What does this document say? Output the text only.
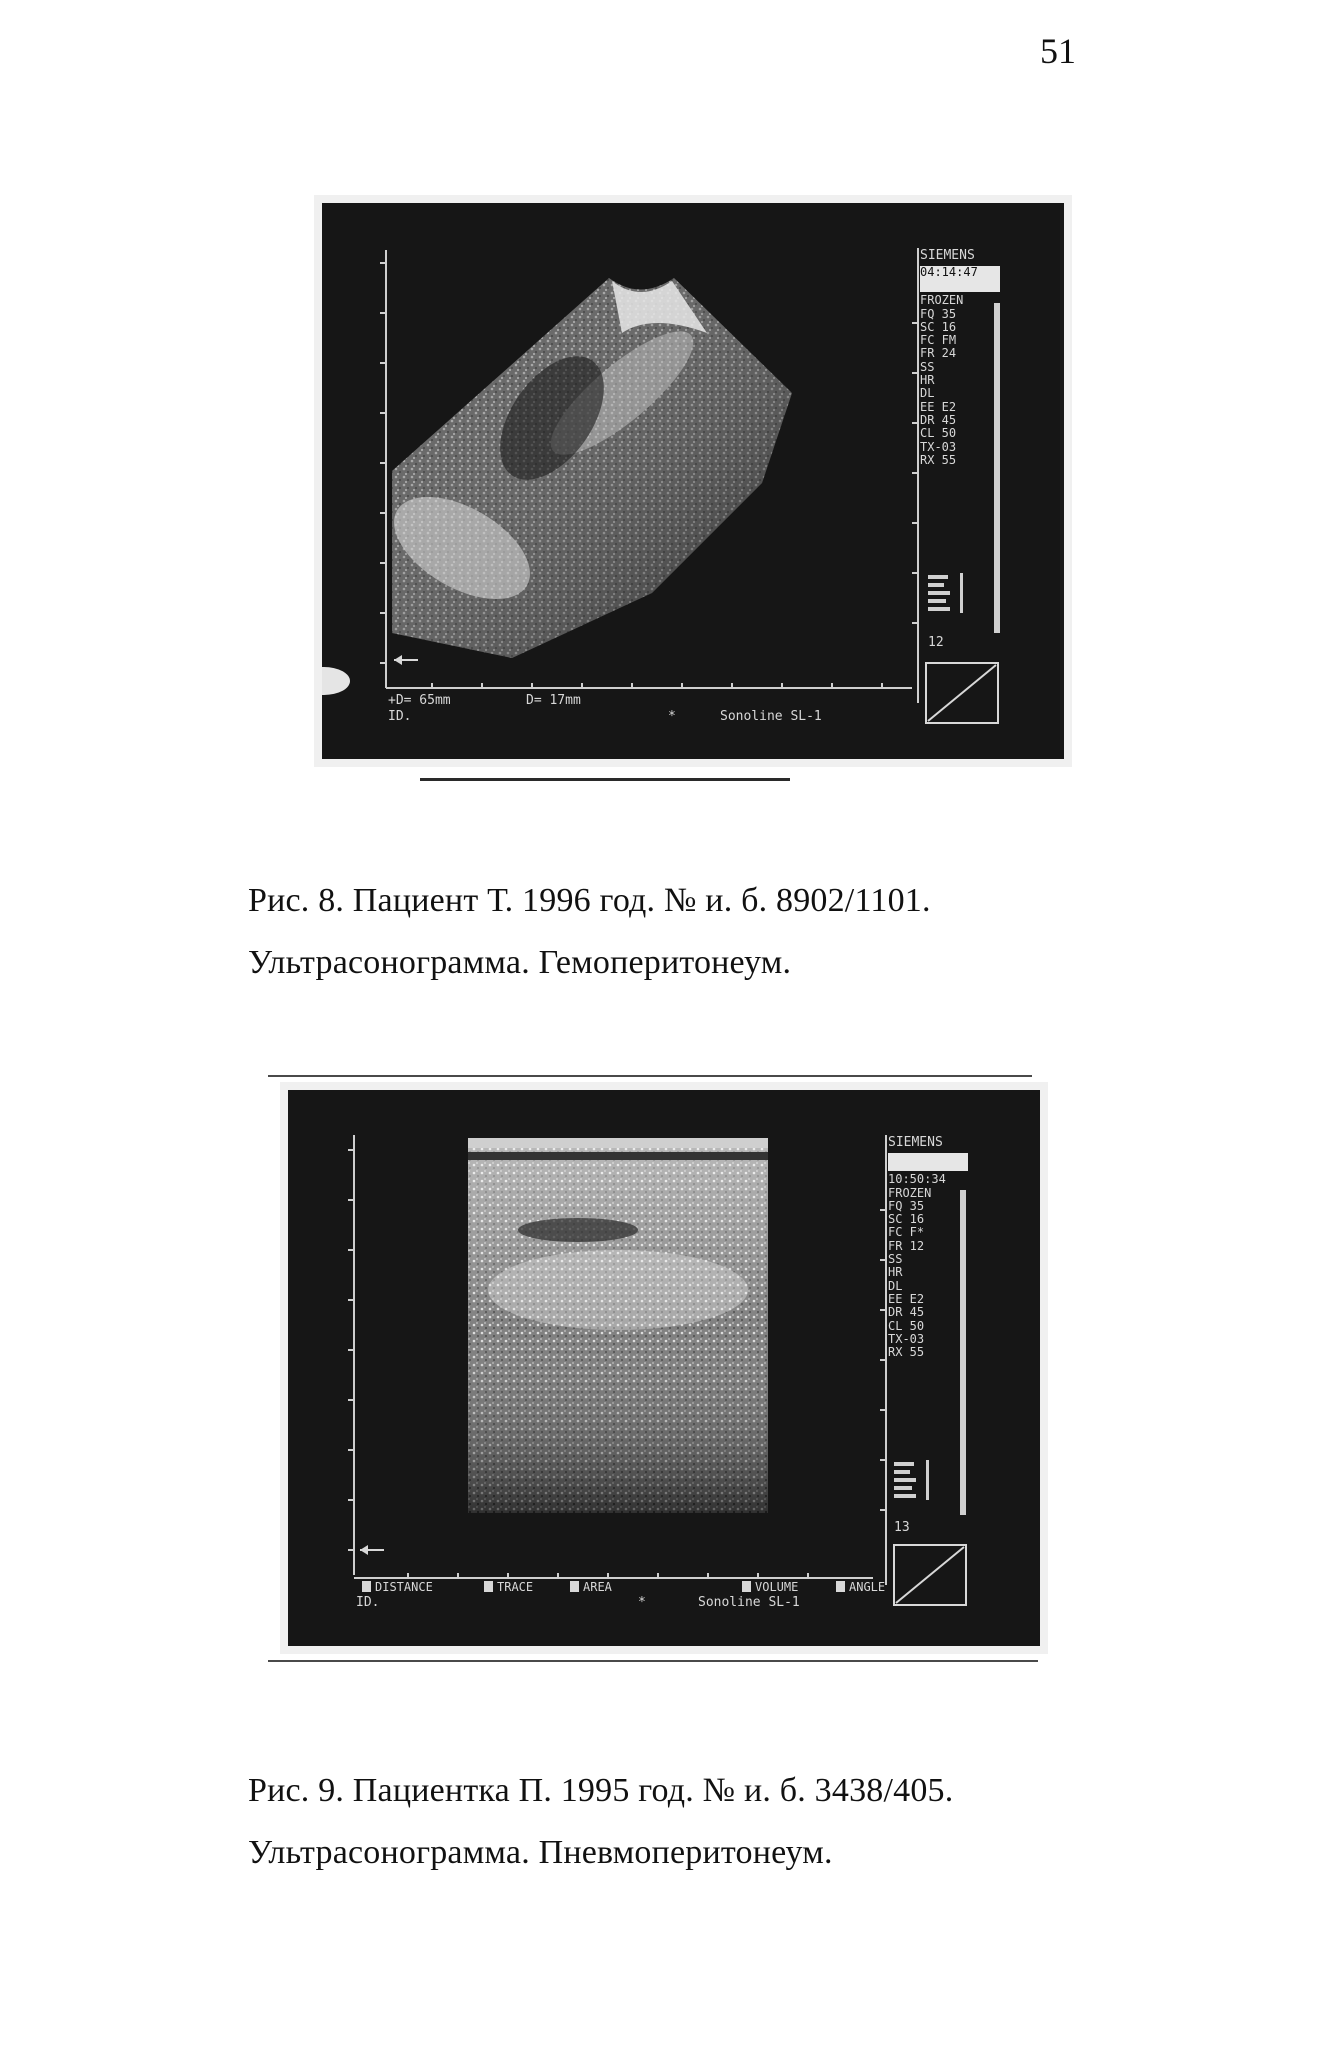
51
SIEMENS
04:14:47
FROZEN
FQ 35
SC 16
FC FM
FR 24
SS
HR
DL
EE E2
DR 45
CL 50
TX-03
RX 55
12
+D= 65mm	D= 17mm
ID.	*	Sonoline SL-1
Рис. 8. Пациент Т. 1996 год. № и. б. 8902/1101.
Ультрасонограмма. Гемоперитонеум.
SIEMENS
10:50:34
FROZEN
FQ 35
SC 16
FC F*
FR 12
SS
HR
DL
EE E2
DR 45
CL 50
TX-03
RX 55
13
DISTANCE	TRACE	AREA	VOLUME	ANGLE
ID.	*	Sonoline SL-1
Рис. 9. Пациентка П. 1995 год. № и. б. 3438/405.
Ультрасонограмма. Пневмоперитонеум.
